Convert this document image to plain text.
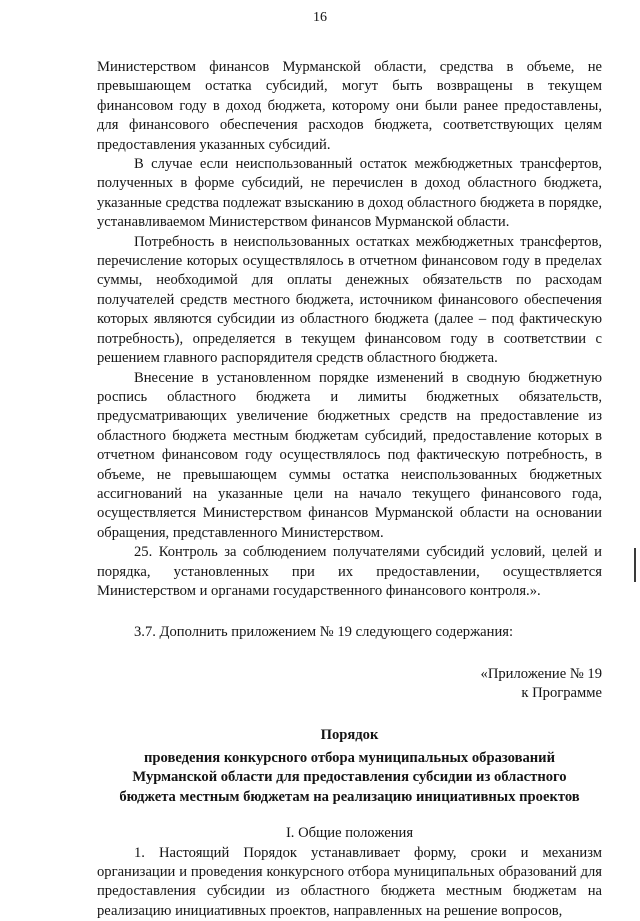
16

Министерством финансов Мурманской области, средства в объеме, не превышающем остатка субсидий, могут быть возвращены в текущем финансовом году в доход бюджета, которому они были ранее предоставлены, для финансового обеспечения расходов бюджета, соответствующих целям предоставления указанных субсидий.

В случае если неиспользованный остаток межбюджетных трансфертов, полученных в форме субсидий, не перечислен в доход областного бюджета, указанные средства подлежат взысканию в доход областного бюджета в порядке, устанавливаемом Министерством финансов Мурманской области.

Потребность в неиспользованных остатках межбюджетных трансфертов, перечисление которых осуществлялось в отчетном финансовом году в пределах суммы, необходимой для оплаты денежных обязательств по расходам получателей средств местного бюджета, источником финансового обеспечения которых являются субсидии из областного бюджета (далее – под фактическую потребность), определяется в текущем финансовом году в соответствии с решением главного распорядителя средств областного бюджета.

Внесение в установленном порядке изменений в сводную бюджетную роспись областного бюджета и лимиты бюджетных обязательств, предусматривающих увеличение бюджетных средств на предоставление из областного бюджета местным бюджетам субсидий, предоставление которых в отчетном финансовом году осуществлялось под фактическую потребность, в объеме, не превышающем суммы остатка неиспользованных бюджетных ассигнований на указанные цели на начало текущего финансового года, осуществляется Министерством финансов Мурманской области на основании обращения, представленного Министерством.

25. Контроль за соблюдением получателями субсидий условий, целей и порядка, установленных при их предоставлении, осуществляется Министерством и органами государственного финансового контроля.».

3.7. Дополнить приложением № 19 следующего содержания:

«Приложение № 19
к Программе
Порядок
проведения конкурсного отбора муниципальных образований
Мурманской области для предоставления субсидии из областного
бюджета местным бюджетам на реализацию инициативных проектов
I. Общие положения

1. Настоящий Порядок устанавливает форму, сроки и механизм организации и проведения конкурсного отбора муниципальных образований для предоставления субсидии из областного бюджета местным бюджетам на реализацию инициативных проектов, направленных на решение вопросов,
